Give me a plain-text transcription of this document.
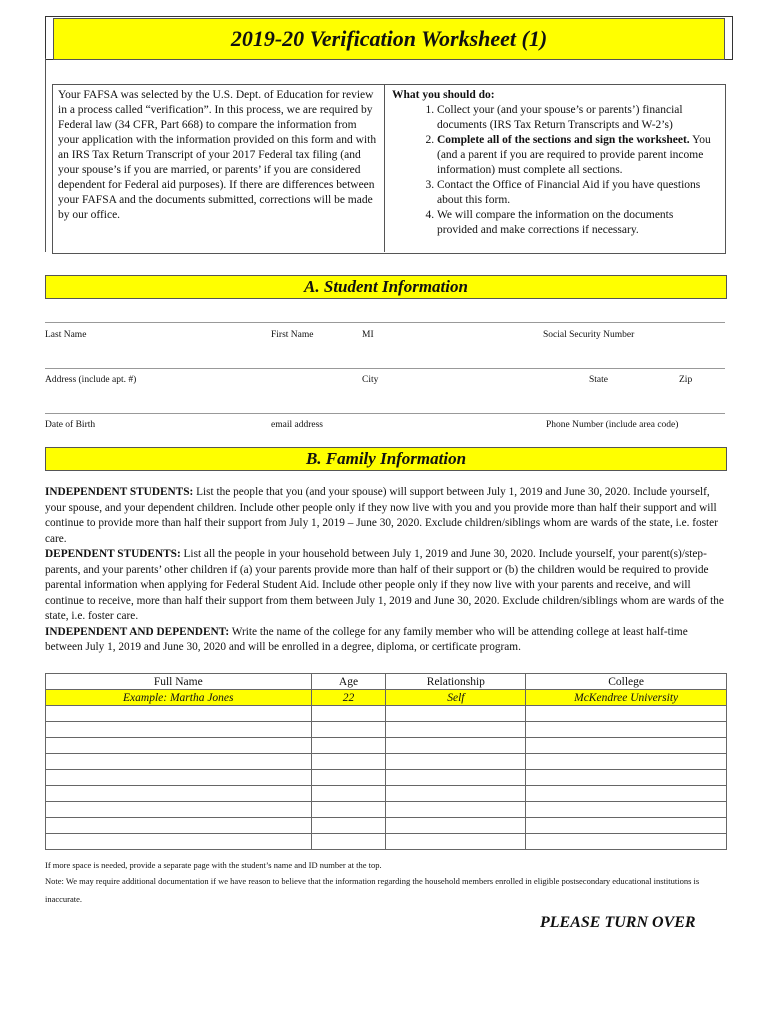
2019-20 Verification Worksheet (1)
Your FAFSA was selected by the U.S. Dept. of Education for review in a process called “verification”. In this process, we are required by Federal law (34 CFR, Part 668) to compare the information from your application with the information provided on this form and with an IRS Tax Return Transcript of your 2017 Federal tax filing (and your spouse’s if you are married, or parents’ if you are considered dependent for Federal aid purposes). If there are differences between your FAFSA and the documents submitted, corrections will be made by our office.
What you should do:
1. Collect your (and your spouse’s or parents’) financial documents (IRS Tax Return Transcripts and W-2’s)
2. Complete all of the sections and sign the worksheet. You (and a parent if you are required to provide parent income information) must complete all sections.
3. Contact the Office of Financial Aid if you have questions about this form.
4. We will compare the information on the documents provided and make corrections if necessary.
A. Student Information
Last Name	First Name	MI	Social Security Number
Address (include apt. #)	City	State	Zip
Date of Birth	email address	Phone Number (include area code)
B. Family Information
INDEPENDENT STUDENTS: List the people that you (and your spouse) will support between July 1, 2019 and June 30, 2020. Include yourself, your spouse, and your dependent children. Include other people only if they now live with you and you provide more than half their support and will continue to provide more than half their support from July 1, 2019 – June 30, 2020. Exclude children/siblings whom are wards of the state, i.e. foster care.
DEPENDENT STUDENTS: List all the people in your household between July 1, 2019 and June 30, 2020. Include yourself, your parent(s)/step-parents, and your parents’ other children if (a) your parents provide more than half of their support or (b) the children would be required to provide parental information when applying for Federal Student Aid. Include other people only if they now live with your parents and receive, and will continue to receive, more than half their support from them between July 1, 2019 and June 30, 2020. Exclude children/siblings whom are wards of the state, i.e. foster care.
INDEPENDENT AND DEPENDENT: Write the name of the college for any family member who will be attending college at least half-time between July 1, 2019 and June 30, 2020 and will be enrolled in a degree, diploma, or certificate program.
Full Name	Age	Relationship	College
Example: Martha Jones	22	Self	McKendree University

If more space is needed, provide a separate page with the student’s name and ID number at the top.
Note: We may require additional documentation if we have reason to believe that the information regarding the household members enrolled in eligible postsecondary educational institutions is inaccurate.
PLEASE TURN OVER
